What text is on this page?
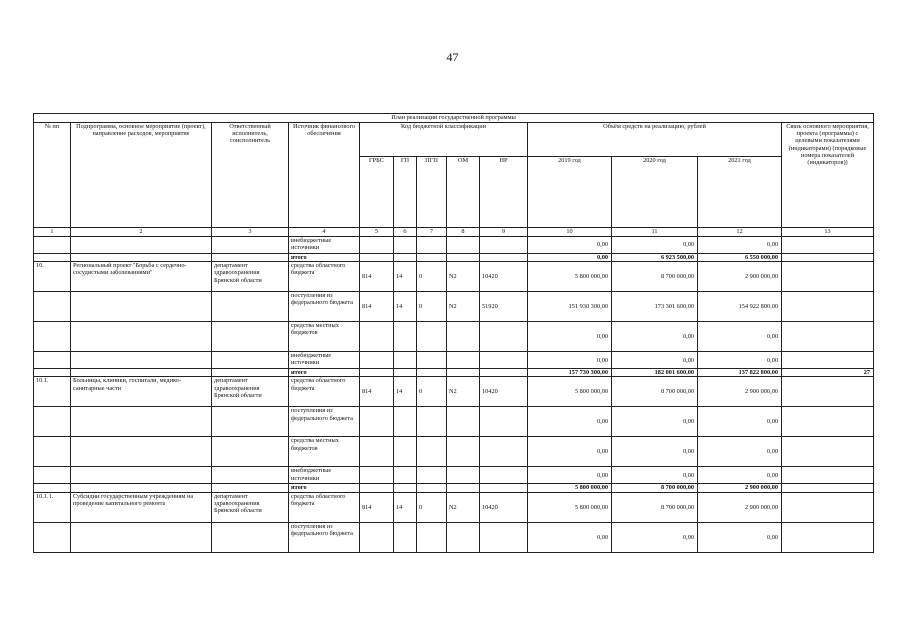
47
План реализации государственной программы												
№ пп	Подпрограмма, основное мероприятие (проект), направление расходов, мероприятие	Ответственный исполнитель, соисполнитель	Источник финансового обеспечения	Код бюджетной классификации					Объём средств на реализацию, рублей			Связь основного мероприятия, проекта (программы) с целевыми показателями (индикаторами) (порядковые номера показателей (индикаторов))
				ГРБС	ГП	ПГП	ОМ	НР	2019 год	2020 год	2021 год	
1	2	3	4	5	6	7	8	9	10	11	12	13
			внебюджетные источники						0,00	0,00	0,00	
			итого						0,00	6 923 500,00	6 550 000,00	
10.	Региональный проект "Борьба с сердечно-сосудистыми заболеваниями"	департамент здравоохранения Брянской области	средства областного бюджета	814	14	0	N2	10420	5 800 000,00	8 700 000,00	2 900 000,00	
			поступления из федерального бюджета	814	14	0	N2	51920	151 930 300,00	173 301 600,00	154 922 800,00	
			средства местных бюджетов						0,00	0,00	0,00	
			внебюджетные источники						0,00	0,00	0,00	
			итого						157 730 300,00	182 001 600,00	137 822 800,00	27
10.1.	Больницы, клиники, госпитали, медико-санитарные части	департамент здравоохранения Брянской области	средства областного бюджета	814	14	0	N2	10420	5 800 000,00	8 700 000,00	2 900 000,00	
			поступления из федерального бюджета						0,00	0,00	0,00	
			средства местных бюджетов						0,00	0,00	0,00	
			внебюджетные источники						0,00	0,00	0,00	
			итого						5 800 000,00	8 700 000,00	2 900 000,00	
10.1.1.	Субсидии государственным учреждениям на проведение капитального ремонта	департамент здравоохранения Брянской области	средства областного бюджета	814	14	0	N2	10420	5 800 000,00	8 700 000,00	2 900 000,00	
			поступления из федерального бюджета						0,00	0,00	0,00	
